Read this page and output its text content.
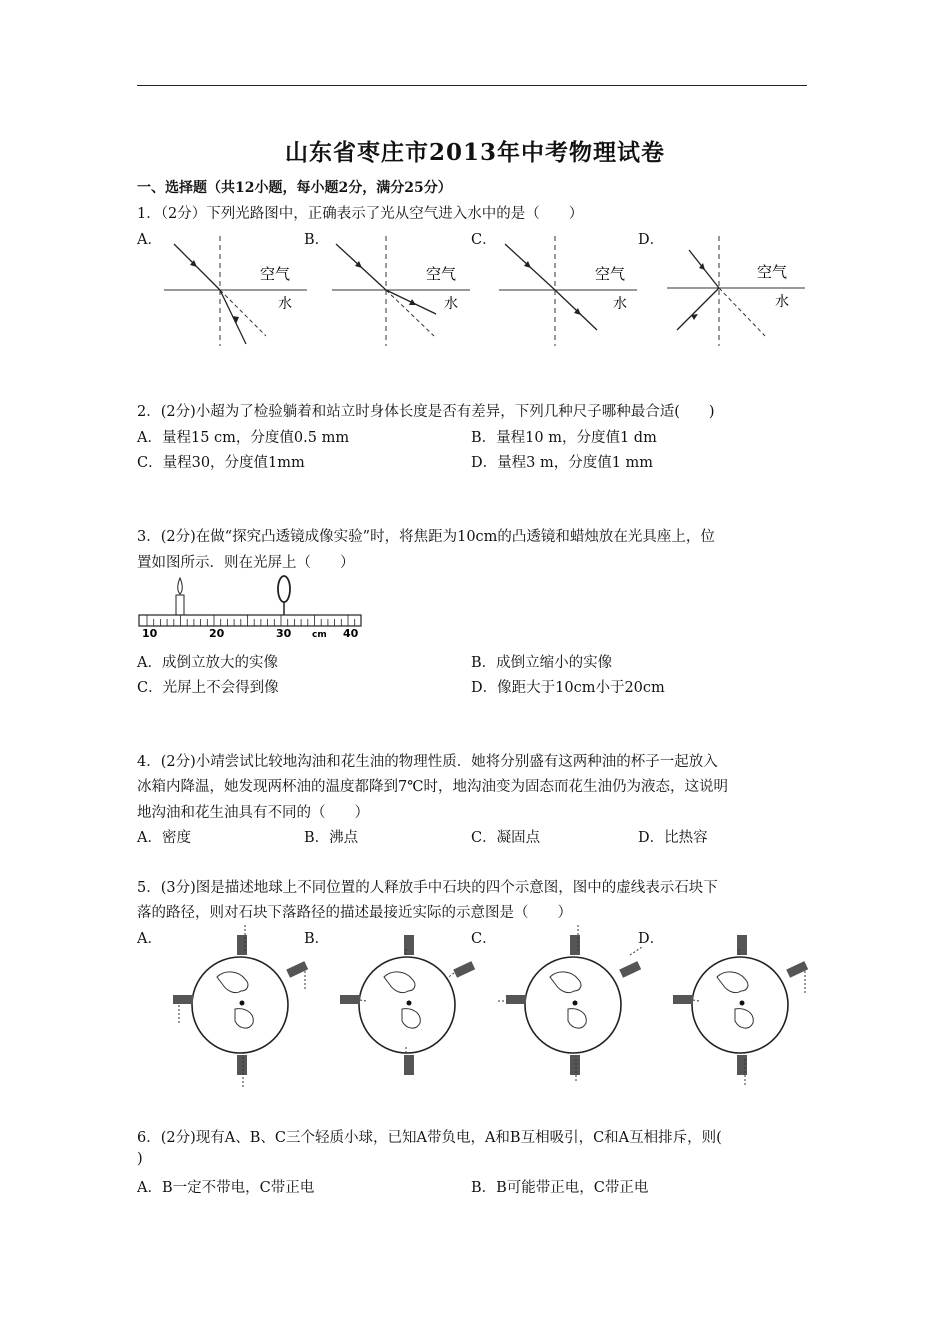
山东省枣庄市2013年中考物理试卷
一、选择题（共12小题，每小题2分，满分25分）
1．（2分）下列光路图中，正确表示了光从空气进入水中的是（　　）
A．	B．	C．	D．
空气
水
空气
水
空气
水
空气
水
2．(2分)小超为了检验躺着和站立时身体长度是否有差异，下列几种尺子哪种最合适(　　)
A．量程15 cm，分度值0.5 mm	B．量程10 m，分度值1 dm
C．量程30，分度值1mm	D．量程3 m，分度值1 mm
3．(2分)在做“探究凸透镜成像实验”时，将焦距为10cm的凸透镜和蜡烛放在光具座上，位
置如图所示．则在光屏上（　　）
10	20	30 cm 40
A．成倒立放大的实像	B．成倒立缩小的实像
C．光屏上不会得到像	D．像距大于10cm小于20cm
4．(2分)小靖尝试比较地沟油和花生油的物理性质．她将分别盛有这两种油的杯子一起放入
冰箱内降温，她发现两杯油的温度都降到7℃时，地沟油变为固态而花生油仍为液态，这说明
地沟油和花生油具有不同的（　　）
A．密度	B．沸点	C．凝固点	D．比热容
5．(3分)图是描述地球上不同位置的人释放手中石块的四个示意图，图中的虚线表示石块下
落的路径，则对石块下落路径的描述最接近实际的示意图是（　　）
A．	B．	C．	D．
6．(2分)现有A、B、C三个轻质小球，已知A带负电，A和B互相吸引，C和A互相排斥，则(
)
A．B一定不带电，C带正电	B．B可能带正电，C带正电
